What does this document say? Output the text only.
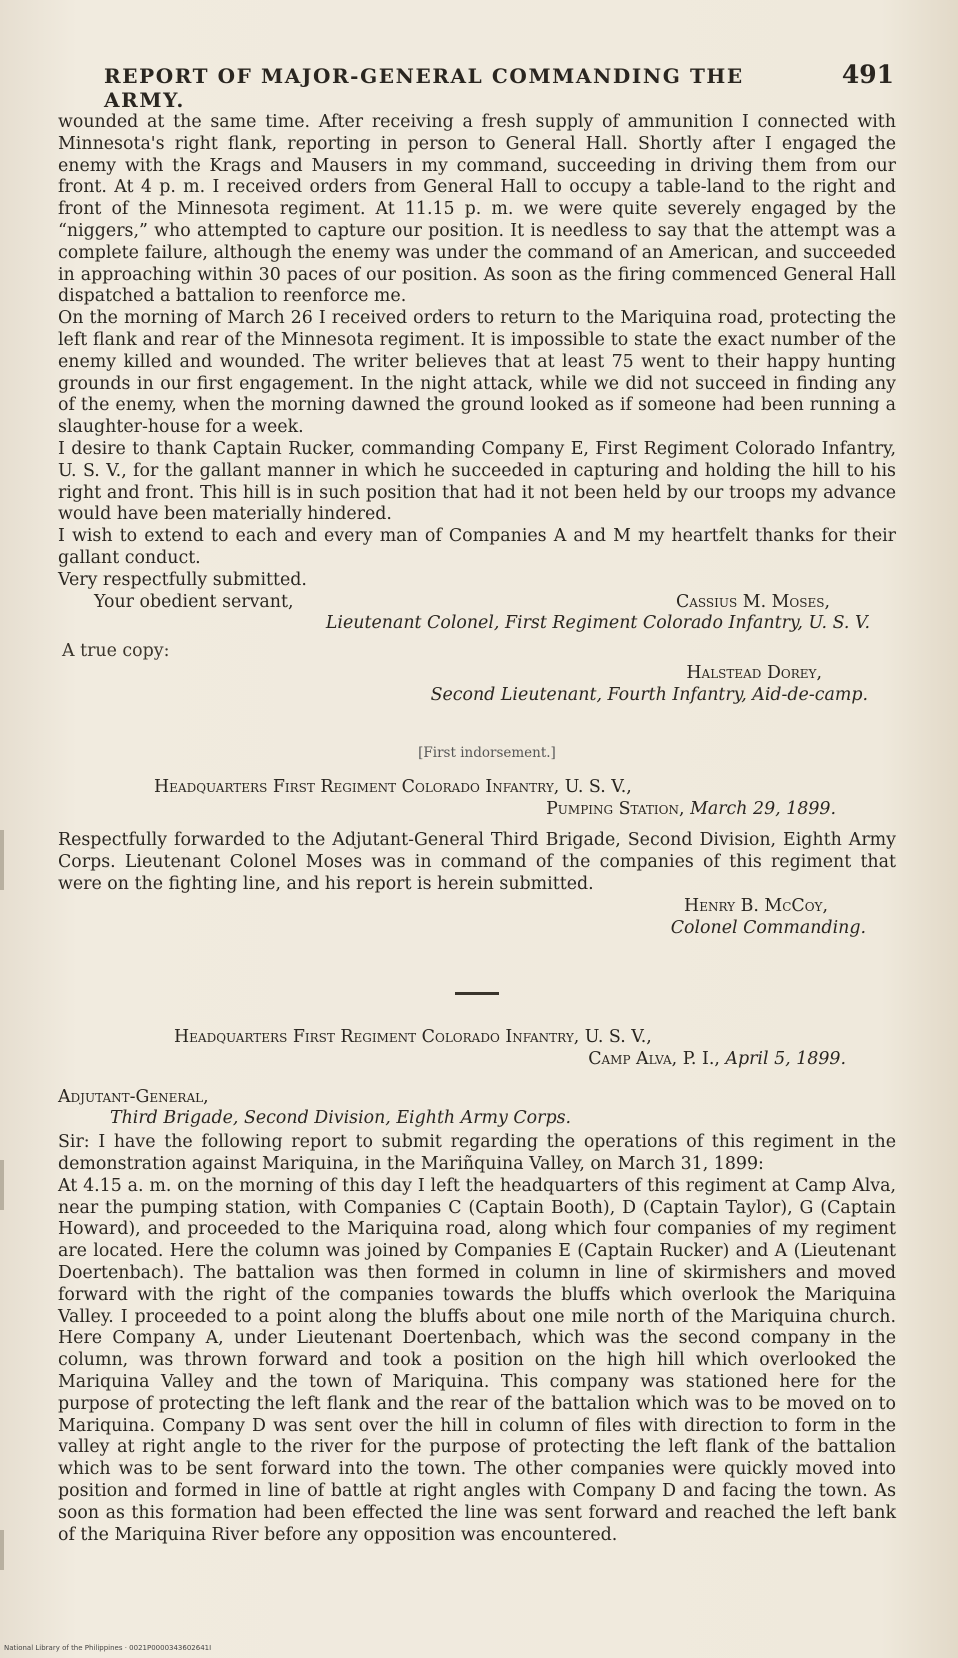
REPORT OF MAJOR-GENERAL COMMANDING THE ARMY.
491

wounded at the same time. After receiving a fresh supply of ammunition I connected with Minnesota's right flank, reporting in person to General Hall. Shortly after I engaged the enemy with the Krags and Mausers in my command, succeeding in driving them from our front. At 4 p. m. I received orders from General Hall to occupy a table-land to the right and front of the Minnesota regiment. At 11.15 p. m. we were quite severely engaged by the “niggers,” who attempted to capture our position. It is needless to say that the attempt was a complete failure, although the enemy was under the command of an American, and succeeded in approaching within 30 paces of our position. As soon as the firing commenced General Hall dispatched a battalion to reenforce me.

On the morning of March 26 I received orders to return to the Mariquina road, protecting the left flank and rear of the Minnesota regiment. It is impossible to state the exact number of the enemy killed and wounded. The writer believes that at least 75 went to their happy hunting grounds in our first engagement. In the night attack, while we did not succeed in finding any of the enemy, when the morning dawned the ground looked as if someone had been running a slaughter-house for a week.

I desire to thank Captain Rucker, commanding Company E, First Regiment Colorado Infantry, U. S. V., for the gallant manner in which he succeeded in capturing and holding the hill to his right and front. This hill is in such position that had it not been held by our troops my advance would have been materially hindered.

I wish to extend to each and every man of Companies A and M my heartfelt thanks for their gallant conduct.

Very respectfully submitted.

Your obedient servant,	Cassius M. Moses,

Lieutenant Colonel, First Regiment Colorado Infantry, U. S. V.

A true copy:

Halstead Dorey,

Second Lieutenant, Fourth Infantry, Aid-de-camp.

[First indorsement.]

Headquarters First Regiment Colorado Infantry, U. S. V.,

Pumping Station, March 29, 1899.

Respectfully forwarded to the Adjutant-General Third Brigade, Second Division, Eighth Army Corps. Lieutenant Colonel Moses was in command of the companies of this regiment that were on the fighting line, and his report is herein submitted.

Henry B. McCoy,

Colonel Commanding.

Headquarters First Regiment Colorado Infantry, U. S. V.,

Camp Alva, P. I., April 5, 1899.

Adjutant-General,

Third Brigade, Second Division, Eighth Army Corps.

Sir: I have the following report to submit regarding the operations of this regiment in the demonstration against Mariquina, in the Mariñquina Valley, on March 31, 1899:

At 4.15 a. m. on the morning of this day I left the headquarters of this regiment at Camp Alva, near the pumping station, with Companies C (Captain Booth), D (Captain Taylor), G (Captain Howard), and proceeded to the Mariquina road, along which four companies of my regiment are located. Here the column was joined by Companies E (Captain Rucker) and A (Lieutenant Doertenbach). The battalion was then formed in column in line of skirmishers and moved forward with the right of the companies towards the bluffs which overlook the Mariquina Valley. I proceeded to a point along the bluffs about one mile north of the Mariquina church. Here Company A, under Lieutenant Doertenbach, which was the second company in the column, was thrown forward and took a position on the high hill which overlooked the Mariquina Valley and the town of Mariquina. This company was stationed here for the purpose of protecting the left flank and the rear of the battalion which was to be moved on to Mariquina. Company D was sent over the hill in column of files with direction to form in the valley at right angle to the river for the purpose of protecting the left flank of the battalion which was to be sent forward into the town. The other companies were quickly moved into position and formed in line of battle at right angles with Company D and facing the town. As soon as this formation had been effected the line was sent forward and reached the left bank of the Mariquina River before any opposition was encountered.

National Library of the Philippines · 0021P0000343602641I
